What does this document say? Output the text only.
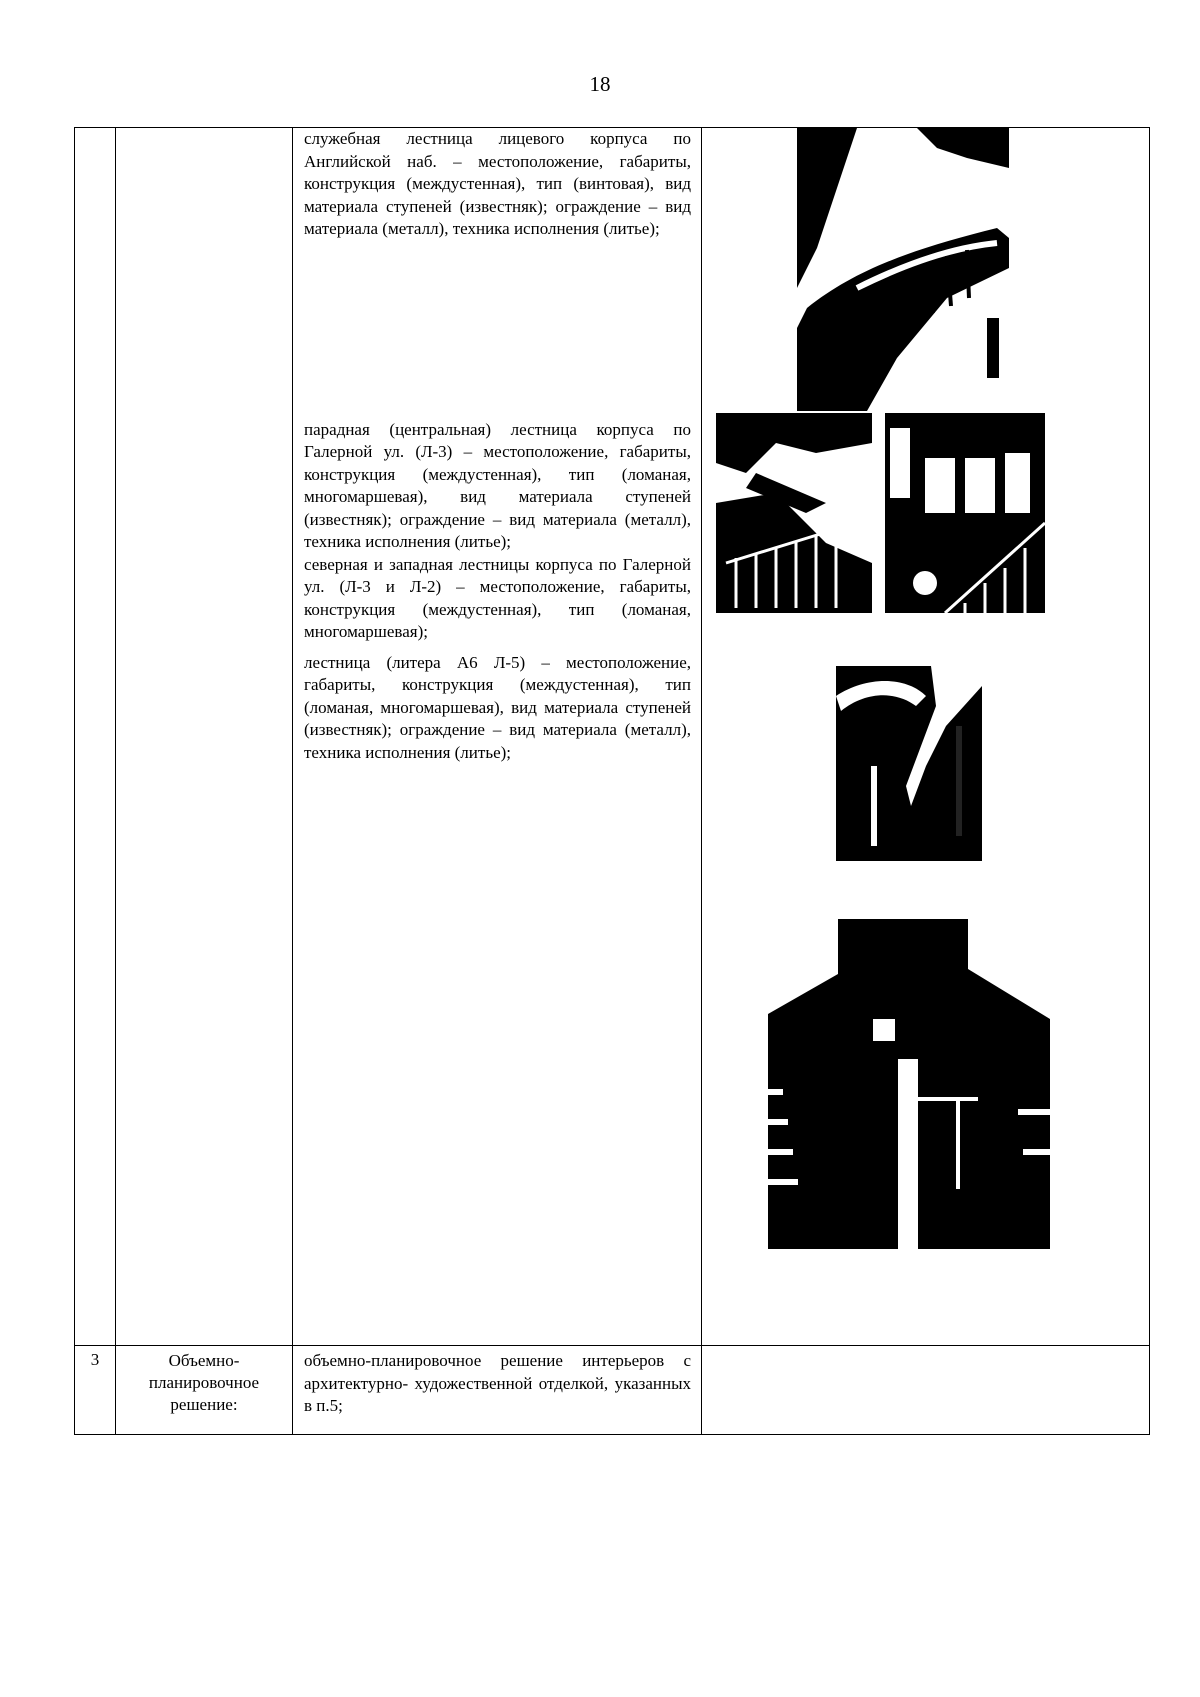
18

		служебная лестница лицевого корпуса по Английской наб. – местоположение, габариты, конструкция (междустенная), тип (винтовая), вид материала ступеней (известняк); ограждение – вид материала (металл), техника исполнения (литье);

парадная (центральная) лестница корпуса по Галерной ул. (Л-3) – местоположение, габариты, конструкция (междустенная), тип (ломаная, многомаршевая), вид материала ступеней (известняк); ограждение – вид материала (металл), техника исполнения (литье);

северная и западная лестницы корпуса по Галерной ул. (Л-3 и Л-2) – местоположение, габариты, конструкция (междустенная), тип (ломаная, многомаршевая);

лестница (литера А6 Л-5) – местоположение, габариты, конструкция (междустенная), тип (ломаная, многомаршевая), вид материала ступеней (известняк); ограждение – вид материала (металл), техника исполнения (литье);

3	Объемно-планировочное решение:	объемно-планировочное решение интерьеров с архитектурно- художественной отделкой, указанных в п.5;	
